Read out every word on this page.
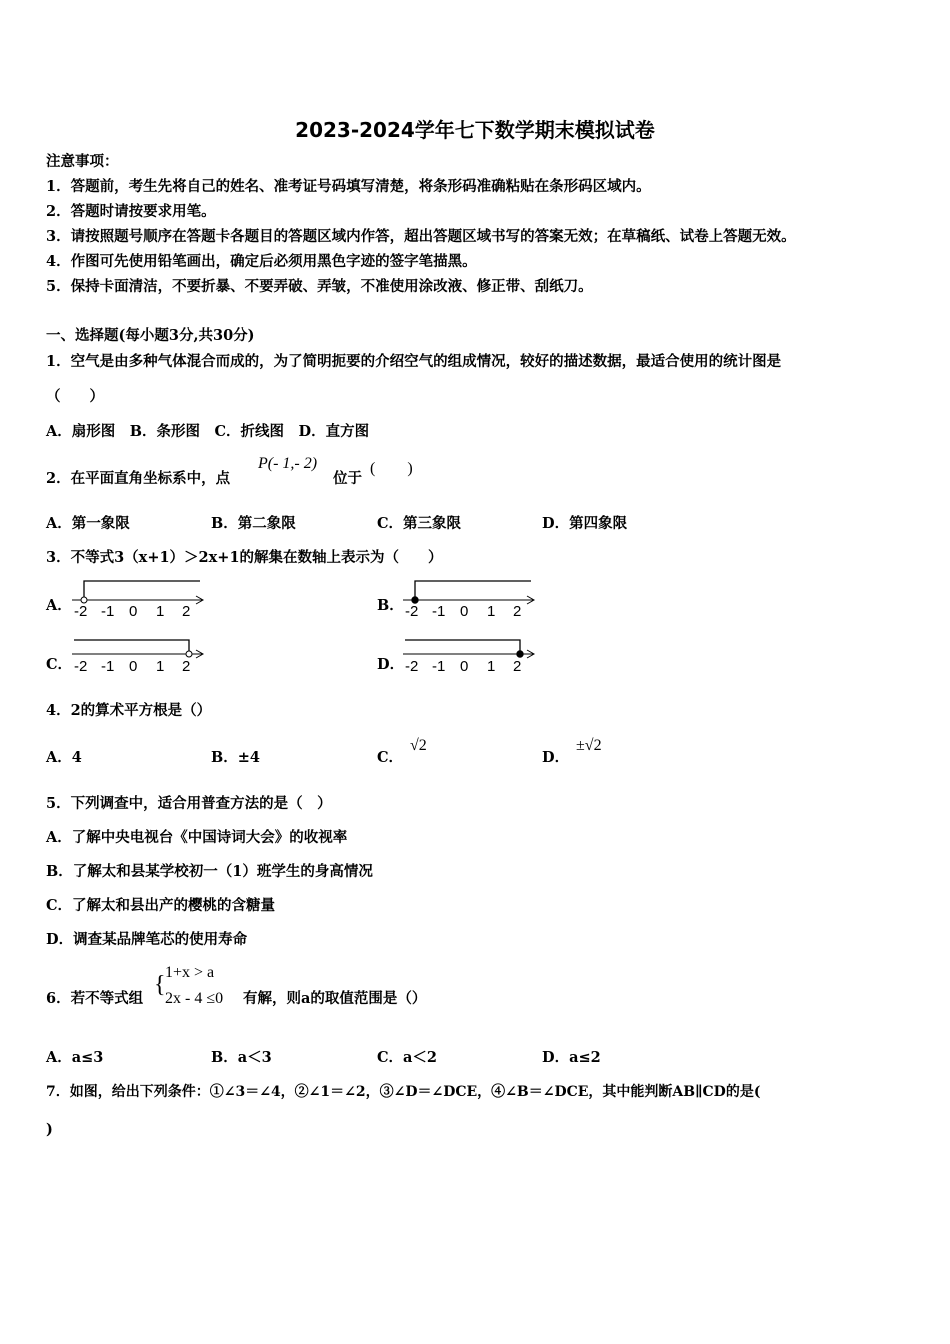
2023-2024学年七下数学期末模拟试卷
注意事项：
1．答题前，考生先将自己的姓名、准考证号码填写清楚，将条形码准确粘贴在条形码区域内。
2．答题时请按要求用笔。
3．请按照题号顺序在答题卡各题目的答题区域内作答，超出答题区域书写的答案无效；在草稿纸、试卷上答题无效。
4．作图可先使用铅笔画出，确定后必须用黑色字迹的签字笔描黑。
5．保持卡面清洁，不要折暴、不要弄破、弄皱，不准使用涂改液、修正带、刮纸刀。
一、选择题(每小题3分,共30分)
1．空气是由多种气体混合而成的，为了简明扼要的介绍空气的组成情况，较好的描述数据，最适合使用的统计图是
（　　）
A．扇形图　B．条形图　C．折线图　D．直方图
2．在平面直角坐标系中，点
P(- 1,- 2)
位于
(　　)
A．第一象限	B．第二象限	C．第三象限	D．第四象限
3．不等式3（x+1）＞2x+1的解集在数轴上表示为（　　）
A． -2 -1 0 1 2	B． -2 -1 0 1 2
C． -2 -1 0 1 2	D． -2 -1 0 1 2
4．2的算术平方根是（）
A．4	B．±4	C．
√2
D．
±√2
5．下列调查中，适合用普查方法的是（　）
A．了解中央电视台《中国诗词大会》的收视率
B．了解太和县某学校初一（1）班学生的身高情况
C．了解太和县出产的樱桃的含糖量
D．调查某品牌笔芯的使用寿命
6．若不等式组
{ 1+x > a
2x - 4 ≤0 有解，则a的取值范围是（）
A．a≤3	B．a＜3	C．a＜2	D．a≤2
7．如图，给出下列条件：①∠3＝∠4，②∠1＝∠2，③∠D＝∠DCE，④∠B＝∠DCE，其中能判断AB∥CD的是(
)
